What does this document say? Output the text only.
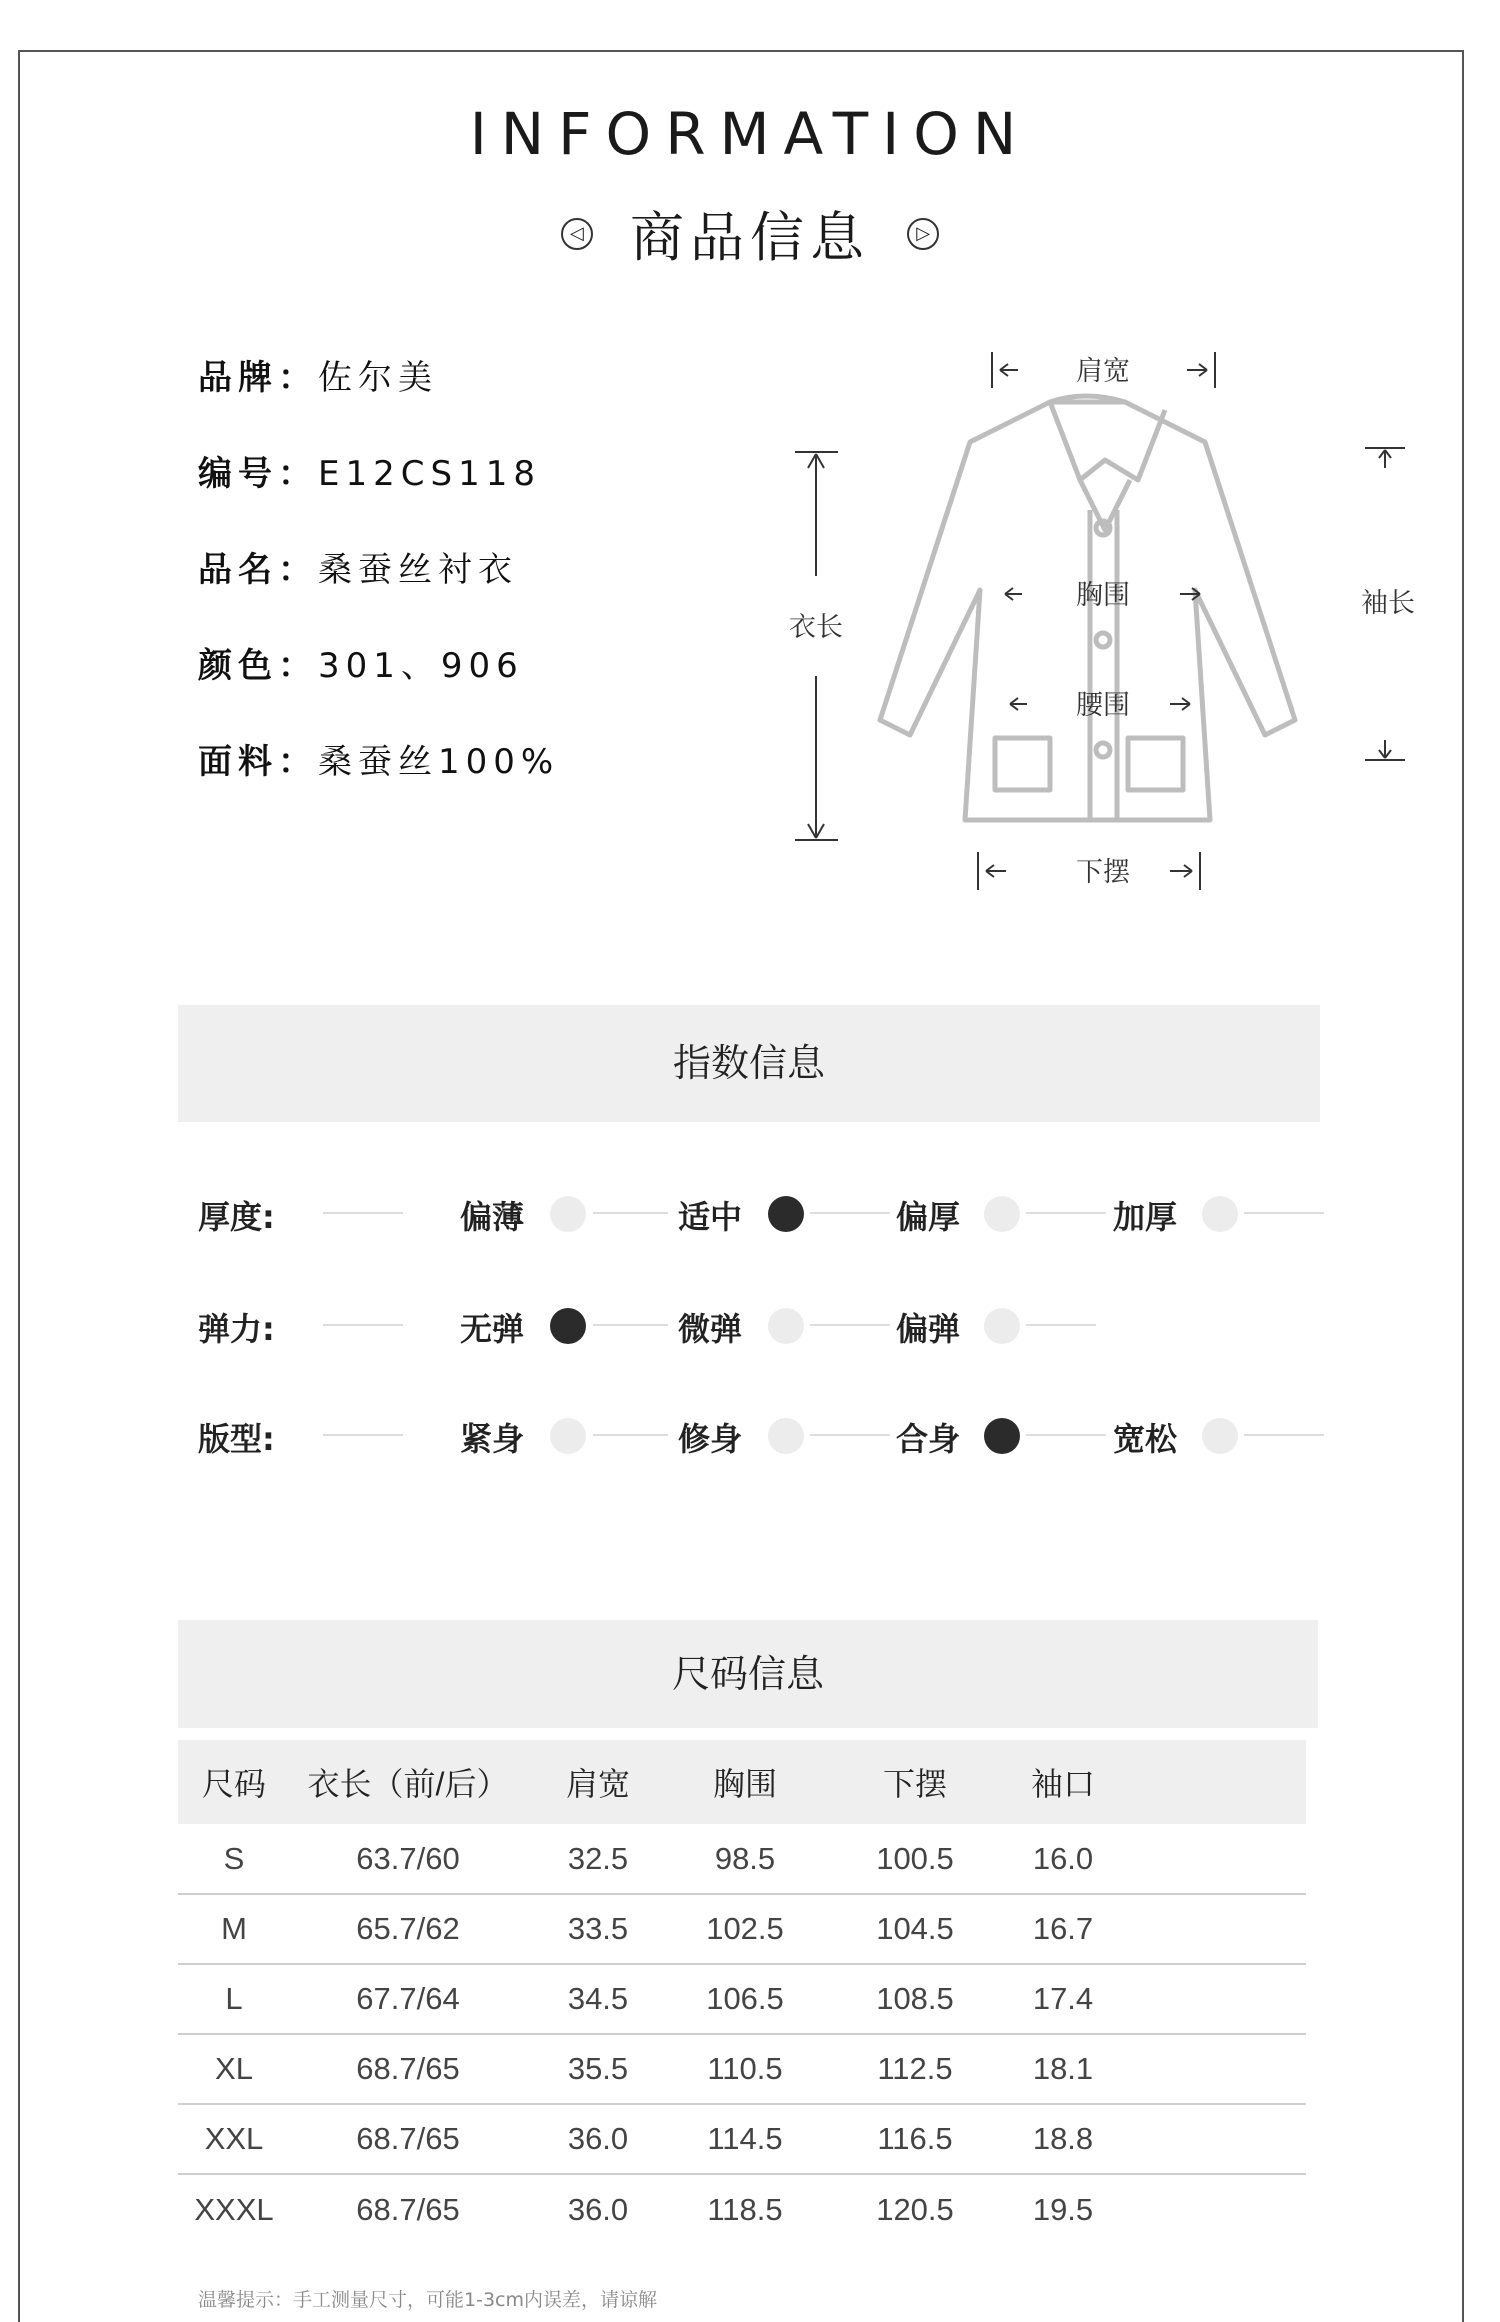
INFORMATION
◁ 商品信息	▷
品牌：佐尔美
编号：E12CS118
品名：桑蚕丝衬衣
颜色：301、906
面料：桑蚕丝100%
肩宽
衣长
胸围
腰围
下摆
袖长
指数信息
厚度:	偏薄	适中	偏厚	加厚
弹力:	无弹	微弹	偏弹
版型:	紧身	修身	合身	宽松
尺码信息
尺码	衣长（前/后）	肩宽	胸围	下摆	袖口	
S	63.7/60	32.5	98.5	100.5	16.0	
M	65.7/62	33.5	102.5	104.5	16.7	
L	67.7/64	34.5	106.5	108.5	17.4	
XL	68.7/65	35.5	110.5	112.5	18.1	
XXL	68.7/65	36.0	114.5	116.5	18.8	
XXXL	68.7/65	36.0	118.5	120.5	19.5	
温馨提示：手工测量尺寸，可能1-3cm内误差，请谅解
